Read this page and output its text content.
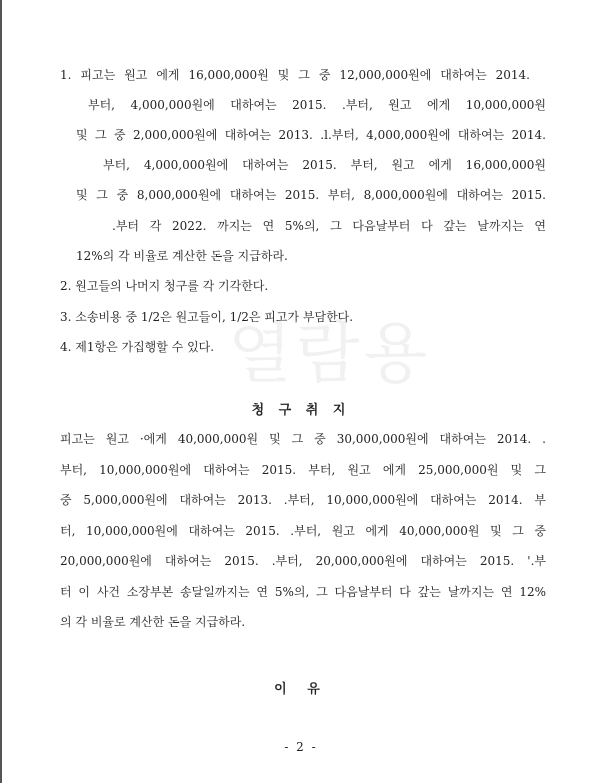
열람용
1. 피고는 원고 에게 16,000,000원 및 그 중 12,000,000원에 대하여는 2014.
부터, 4,000,000원에 대하여는 2015. .부터, 원고 에게 10,000,000원
및 그 중 2,000,000원에 대하여는 2013. .l.부터, 4,000,000원에 대하여는 2014.
부터, 4,000,000원에 대하여는 2015. 부터, 원고 에게 16,000,000원
및 그 중 8,000,000원에 대하여는 2015. 부터, 8,000,000원에 대하여는 2015.
.부터 각 2022. 까지는 연 5%의, 그 다음날부터 다 갚는 날까지는 연
12%의 각 비율로 계산한 돈을 지급하라.
2. 원고들의 나머지 청구를 각 기각한다.
3. 소송비용 중 1/2은 원고들이, 1/2은 피고가 부담한다.
4. 제1항은 가집행할 수 있다.
청 구 취 지
피고는 원고 ·에게 40,000,000원 및 그 중 30,000,000원에 대하여는 2014. .
부터, 10,000,000원에 대하여는 2015. 부터, 원고 에게 25,000,000원 및 그
중 5,000,000원에 대하여는 2013. .부터, 10,000,000원에 대하여는 2014. 부
터, 10,000,000원에 대하여는 2015. .부터, 원고 에게 40,000,000원 및 그 중
20,000,000원에 대하여는 2015. .부터, 20,000,000원에 대하여는 2015. '.부
터 이 사건 소장부본 송달일까지는 연 5%의, 그 다음날부터 다 갚는 날까지는 연 12%
의 각 비율로 계산한 돈을 지급하라.
이 유
- 2 -
